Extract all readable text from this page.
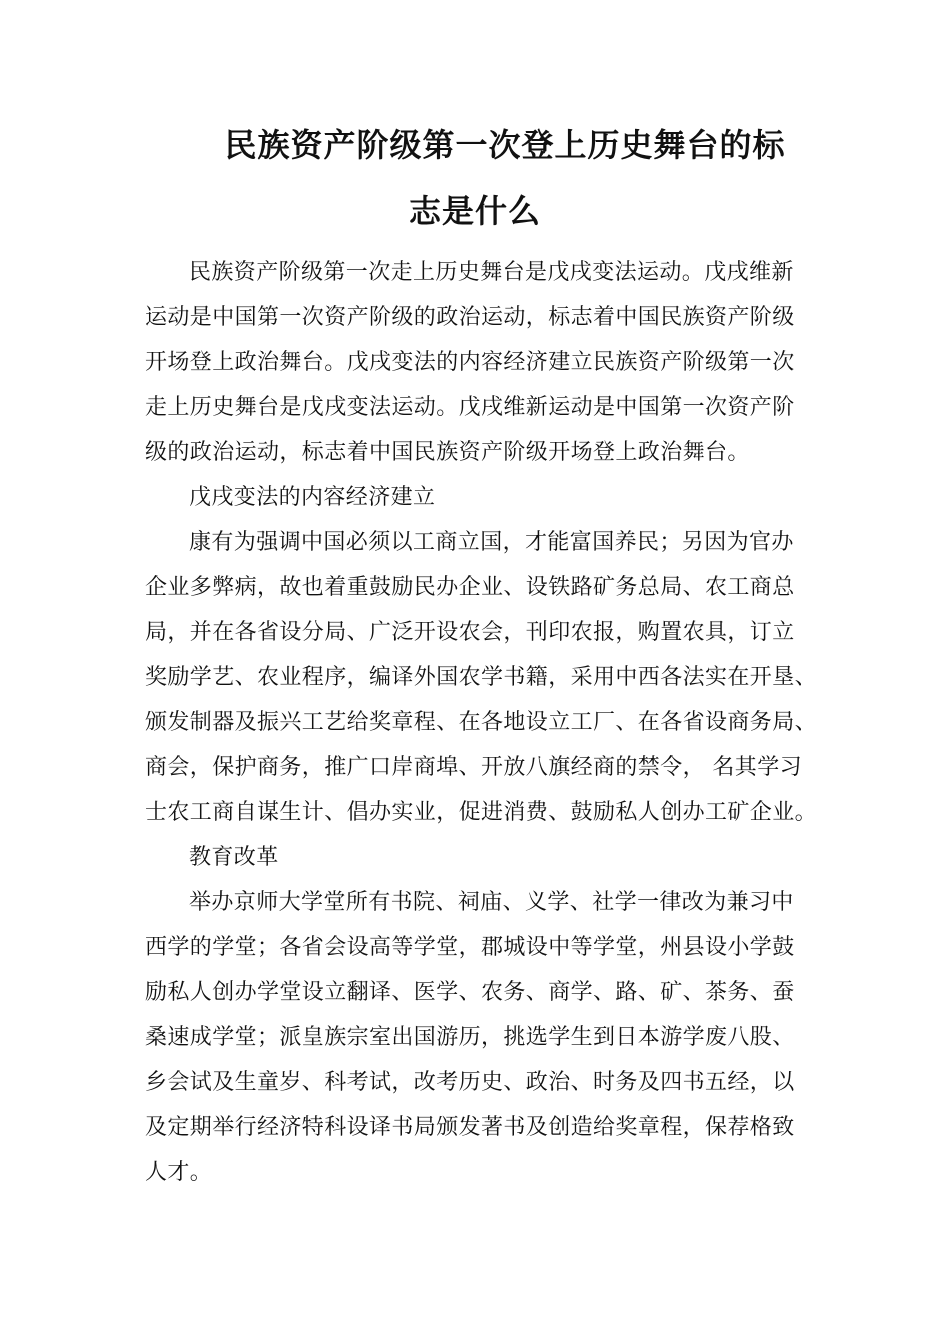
民族资产阶级第一次登上历史舞台的标
志是什么
民族资产阶级第一次走上历史舞台是戊戌变法运动。戊戌维新
运动是中国第一次资产阶级的政治运动，标志着中国民族资产阶级
开场登上政治舞台。戊戌变法的内容经济建立民族资产阶级第一次
走上历史舞台是戊戌变法运动。戊戌维新运动是中国第一次资产阶
级的政治运动，标志着中国民族资产阶级开场登上政治舞台。
戊戌变法的内容经济建立
康有为强调中国必须以工商立国，才能富国养民；另因为官办
企业多弊病，故也着重鼓励民办企业、设铁路矿务总局、农工商总
局，并在各省设分局、广泛开设农会，刊印农报，购置农具，订立
奖励学艺、农业程序，编译外国农学书籍，采用中西各法实在开垦、
颁发制器及振兴工艺给奖章程、在各地设立工厂、在各省设商务局、
商会，保护商务，推广口岸商埠、开放八旗经商的禁令， 名其学习
士农工商自谋生计、倡办实业，促进消费、鼓励私人创办工矿企业。
教育改革
举办京师大学堂所有书院、祠庙、义学、社学一律改为兼习中
西学的学堂；各省会设高等学堂，郡城设中等学堂，州县设小学鼓
励私人创办学堂设立翻译、医学、农务、商学、路、矿、茶务、蚕
桑速成学堂；派皇族宗室出国游历，挑选学生到日本游学废八股、
乡会试及生童岁、科考试，改考历史、政治、时务及四书五经，以
及定期举行经济特科设译书局颁发著书及创造给奖章程，保荐格致
人才。
